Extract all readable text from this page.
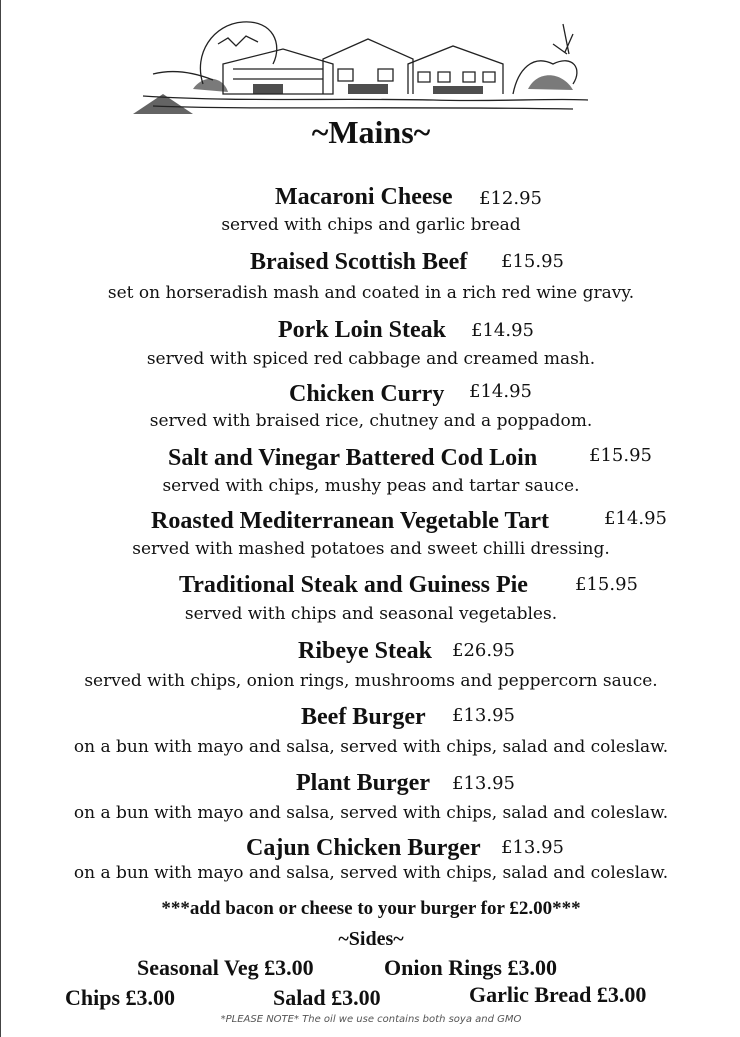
~Mains~
Macaroni Cheese £12.95
served with chips and garlic bread
Braised Scottish Beef £15.95
set on horseradish mash and coated in a rich red wine gravy.
Pork Loin Steak £14.95
served with spiced red cabbage and creamed mash.
Chicken Curry £14.95
served with braised rice, chutney and a poppadom.
Salt and Vinegar Battered Cod Loin	£15.95
served with chips, mushy peas and tartar sauce.
Roasted Mediterranean Vegetable Tart	£14.95
served with mashed potatoes and sweet chilli dressing.
Traditional Steak and Guiness Pie	£15.95
served with chips and seasonal vegetables.
Ribeye Steak £26.95
served with chips, onion rings, mushrooms and peppercorn sauce.
Beef Burger £13.95
on a bun with mayo and salsa, served with chips, salad and coleslaw.
Plant Burger £13.95
on a bun with mayo and salsa, served with chips, salad and coleslaw.
Cajun Chicken Burger £13.95
on a bun with mayo and salsa, served with chips, salad and coleslaw.
***add bacon or cheese to your burger for £2.00***
~Sides~
Seasonal Veg £3.00	Onion Rings £3.00
Chips £3.00	Salad £3.00	Garlic Bread £3.00
*PLEASE NOTE* The oil we use contains both soya and GMO
